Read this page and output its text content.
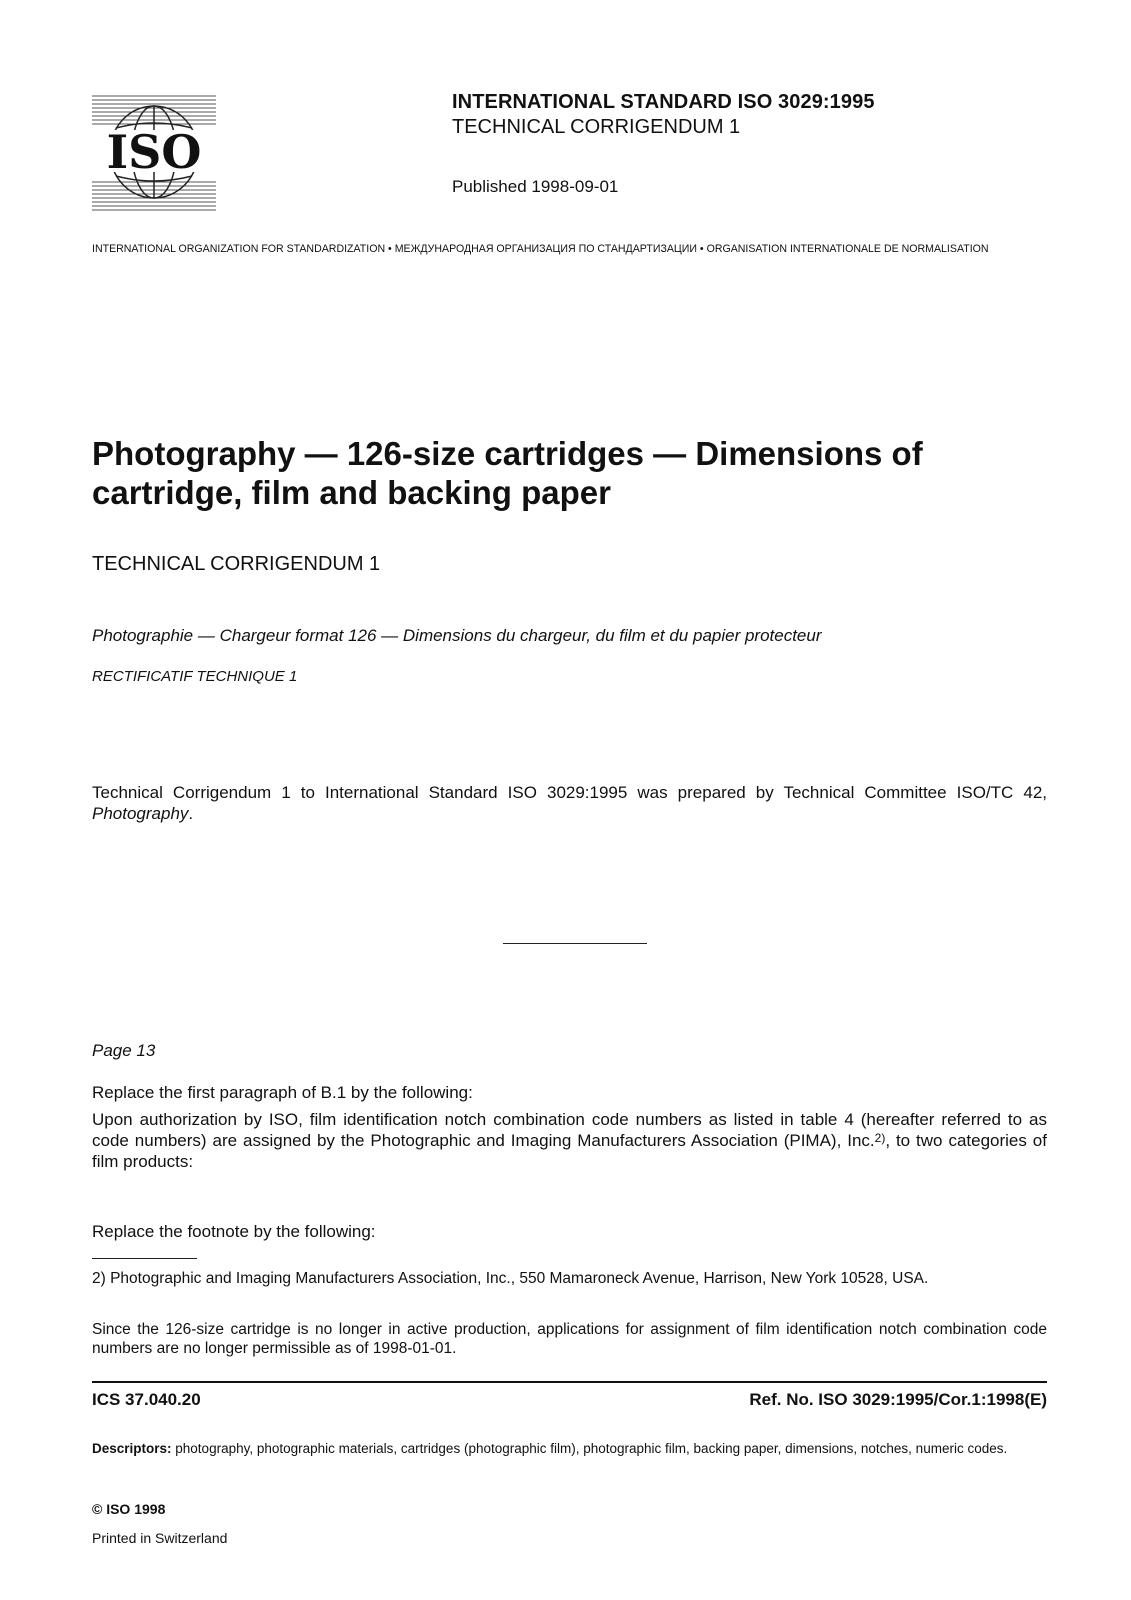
ISO
INTERNATIONAL STANDARD ISO 3029:1995
TECHNICAL CORRIGENDUM 1
Published 1998-09-01
INTERNATIONAL ORGANIZATION FOR STANDARDIZATION • МЕЖДУНАРОДНАЯ ОРГАНИЗАЦИЯ ПО СТАНДАРТИЗАЦИИ • ORGANISATION INTERNATIONALE DE NORMALISATION
Photography — 126-size cartridges — Dimensions of cartridge, film and backing paper
TECHNICAL CORRIGENDUM 1
Photographie — Chargeur format 126 — Dimensions du chargeur, du film et du papier protecteur
RECTIFICATIF TECHNIQUE 1
Technical Corrigendum 1 to International Standard ISO 3029:1995 was prepared by Technical Committee ISO/TC 42, Photography.
Page 13
Replace the first paragraph of B.1 by the following:
Upon authorization by ISO, film identification notch combination code numbers as listed in table 4 (hereafter referred to as code numbers) are assigned by the Photographic and Imaging Manufacturers Association (PIMA), Inc.$^{2)}$, to two categories of film products:
Replace the footnote by the following:
2) Photographic and Imaging Manufacturers Association, Inc., 550 Mamaroneck Avenue, Harrison, New York 10528, USA.
Since the 126-size cartridge is no longer in active production, applications for assignment of film identification notch combination code numbers are no longer permissible as of 1998-01-01.
ICS 37.040.20	Ref. No. ISO 3029:1995/Cor.1:1998(E)
Descriptors: photography, photographic materials, cartridges (photographic film), photographic film, backing paper, dimensions, notches, numeric codes.
© ISO 1998
Printed in Switzerland
